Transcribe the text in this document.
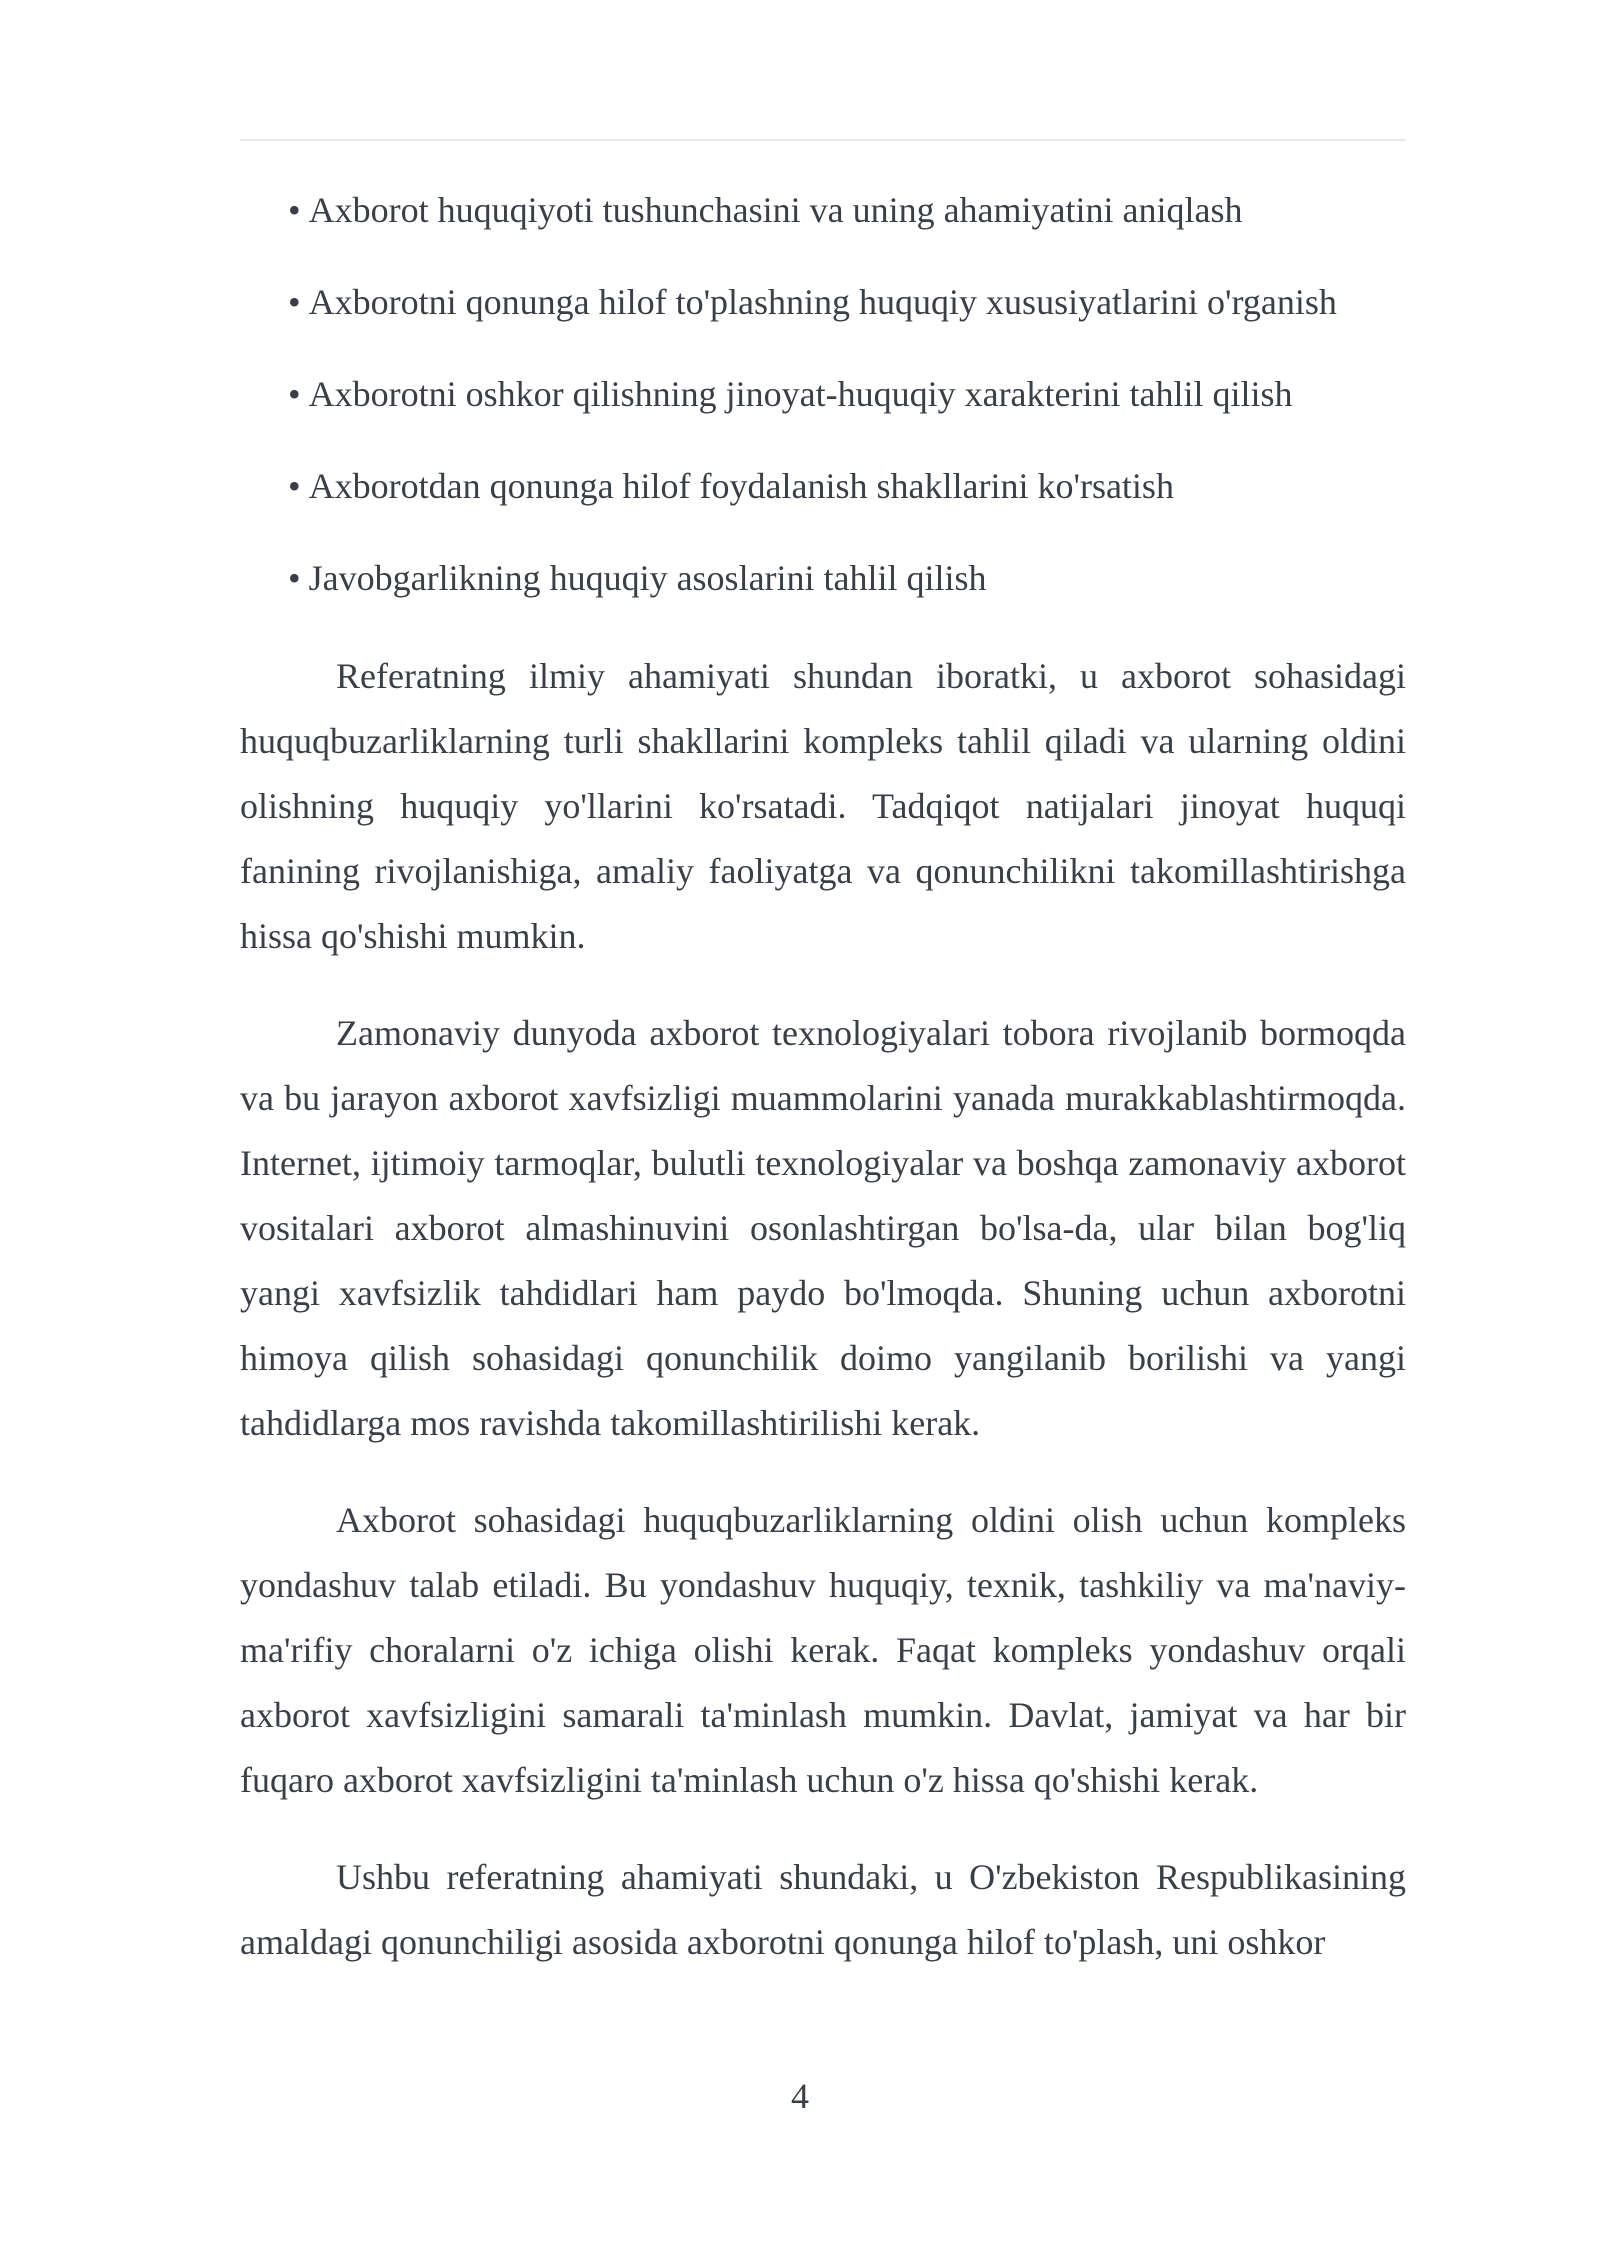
• Axborot huquqiyoti tushunchasini va uning ahamiyatini aniqlash
• Axborotni qonunga hilof to'plashning huquqiy xususiyatlarini o'rganish
• Axborotni oshkor qilishning jinoyat-huquqiy xarakterini tahlil qilish
• Axborotdan qonunga hilof foydalanish shakllarini ko'rsatish
• Javobgarlikning huquqiy asoslarini tahlil qilish

Referatning ilmiy ahamiyati shundan iboratki, u axborot sohasidagi huquqbuzarliklarning turli shakllarini kompleks tahlil qiladi va ularning oldini olishning huquqiy yo'llarini ko'rsatadi. Tadqiqot natijalari jinoyat huquqi fanining rivojlanishiga, amaliy faoliyatga va qonunchilikni takomillashtirishga hissa qo'shishi mumkin.

Zamonaviy dunyoda axborot texnologiyalari tobora rivojlanib bormoqda va bu jarayon axborot xavfsizligi muammolarini yanada murakkablashtirmoqda. Internet, ijtimoiy tarmoqlar, bulutli texnologiyalar va boshqa zamonaviy axborot vositalari axborot almashinuvini osonlashtirgan bo'lsa-da, ular bilan bog'liq yangi xavfsizlik tahdidlari ham paydo bo'lmoqda. Shuning uchun axborotni himoya qilish sohasidagi qonunchilik doimo yangilanib borilishi va yangi tahdidlarga mos ravishda takomillashtirilishi kerak.

Axborot sohasidagi huquqbuzarliklarning oldini olish uchun kompleks yondashuv talab etiladi. Bu yondashuv huquqiy, texnik, tashkiliy va ma'naviy-ma'rifiy choralarni o'z ichiga olishi kerak. Faqat kompleks yondashuv orqali axborot xavfsizligini samarali ta'minlash mumkin. Davlat, jamiyat va har bir fuqaro axborot xavfsizligini ta'minlash uchun o'z hissa qo'shishi kerak.

Ushbu referatning ahamiyati shundaki, u O'zbekiston Respublikasining amaldagi qonunchiligi asosida axborotni qonunga hilof to'plash, uni oshkor

4
